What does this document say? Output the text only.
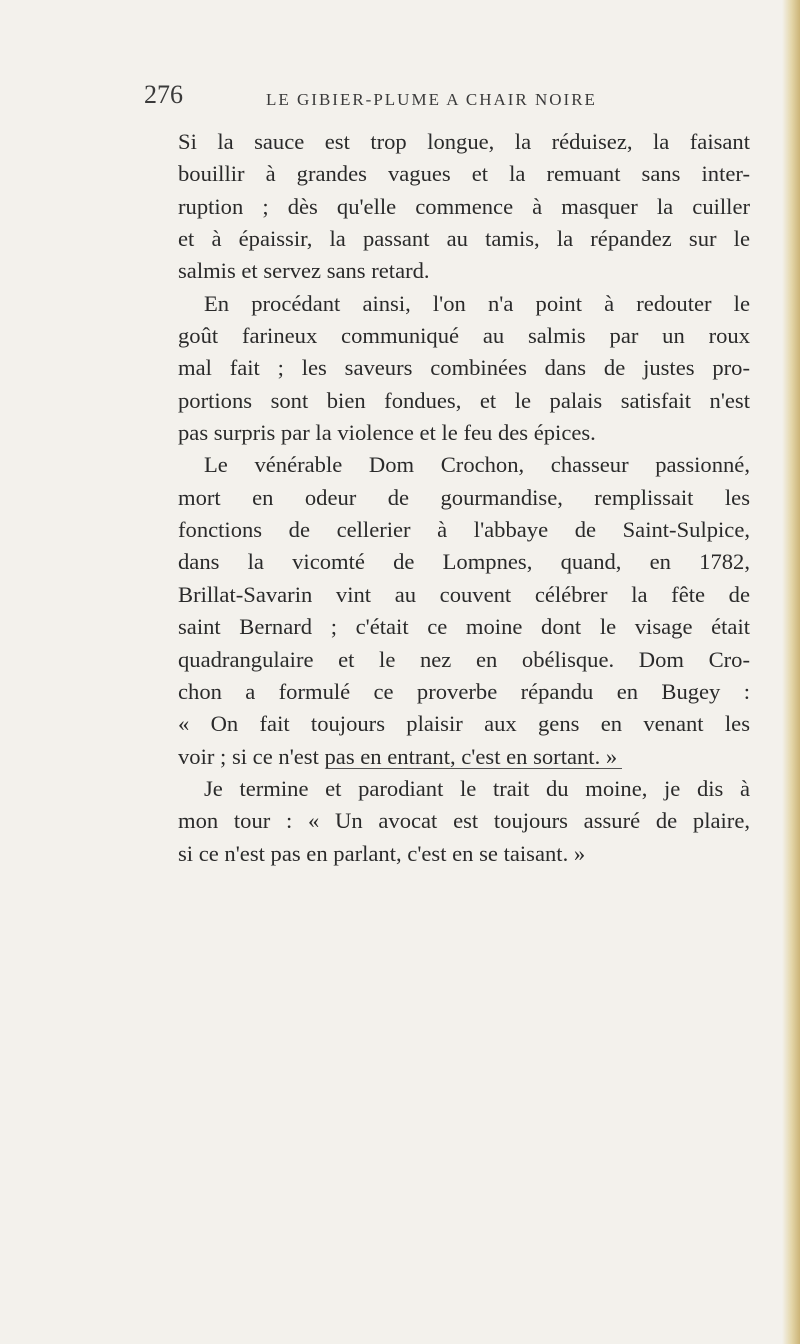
276	LE GIBIER-PLUME A CHAIR NOIRE
Si la sauce est trop longue, la réduisez, la faisant
bouillir à grandes vagues et la remuant sans inter-
ruption ; dès qu'elle commence à masquer la cuiller
et à épaissir, la passant au tamis, la répandez sur le
salmis et servez sans retard.
En procédant ainsi, l'on n'a point à redouter le
goût farineux communiqué au salmis par un roux
mal fait ; les saveurs combinées dans de justes pro-
portions sont bien fondues, et le palais satisfait n'est
pas surpris par la violence et le feu des épices.
Le vénérable Dom Crochon, chasseur passionné,
mort en odeur de gourmandise, remplissait les
fonctions de cellerier à l'abbaye de Saint-Sulpice,
dans la vicomté de Lompnes, quand, en 1782,
Brillat-Savarin vint au couvent célébrer la fête de
saint Bernard ; c'était ce moine dont le visage était
quadrangulaire et le nez en obélisque. Dom Cro-
chon a formulé ce proverbe répandu en Bugey :
« On fait toujours plaisir aux gens en venant les
voir ; si ce n'est pas en entrant, c'est en sortant. »
Je termine et parodiant le trait du moine, je dis à
mon tour : « Un avocat est toujours assuré de plaire,
si ce n'est pas en parlant, c'est en se taisant. »
